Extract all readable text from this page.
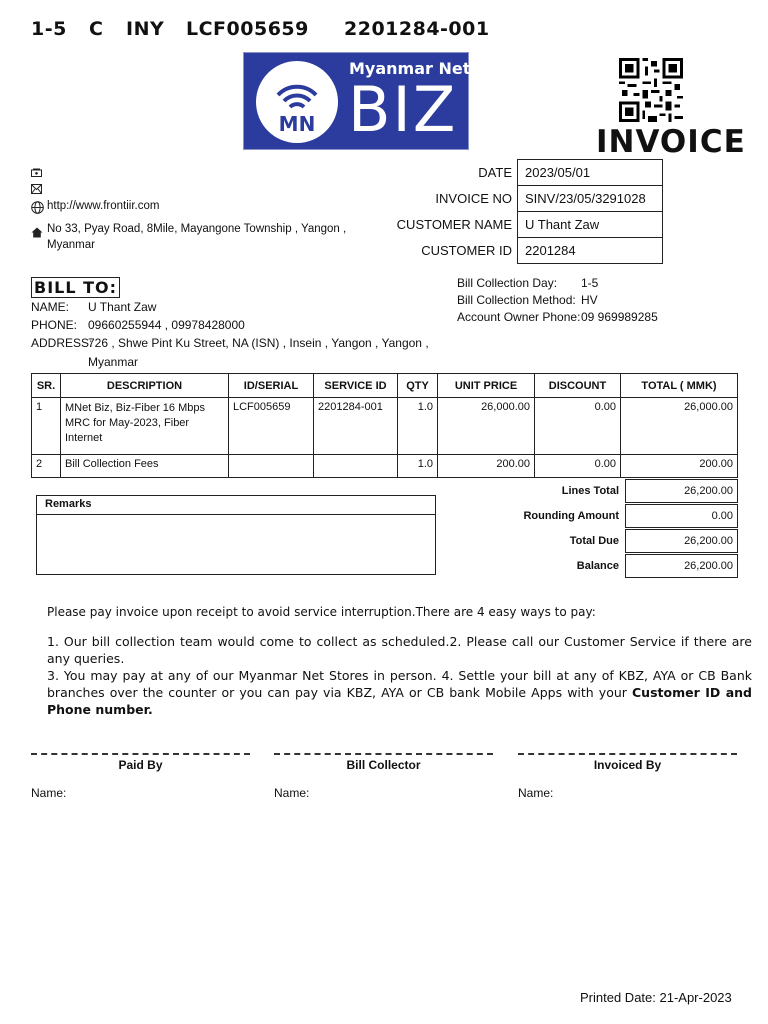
1-5 C INY LCF005659 2201284-001
MN
Myanmar Net
BIZ	INVOICE
http://www.frontiir.com
No 33, Pyay Road, 8Mile, Mayangone Township , Yangon ,
Myanmar
DATE	2023/05/01
INVOICE NO	SINV/23/05/3291028
CUSTOMER NAME	U Thant Zaw
CUSTOMER ID	2201284
BILL TO:
NAME: U Thant Zaw
PHONE: 09660255944 , 09978428000
ADDRESS:
726 , Shwe Pint Ku Street, NA (ISN) , Insein , Yangon , Yangon ,
Myanmar
Bill Collection Day: 1-5
Bill Collection Method: HV
Account Owner Phone: 09 969989285
SR.	DESCRIPTION	ID/SERIAL	SERVICE ID	QTY	UNIT PRICE	DISCOUNT	TOTAL ( MMK)
1	MNet Biz, Biz-Fiber 16 Mbps MRC for May-2023, Fiber Internet	LCF005659	2201284-001	1.0	26,000.00	0.00	26,000.00
2	Bill Collection Fees			1.0	200.00	0.00	200.00
Remarks
Lines Total	26,200.00
Rounding Amount	0.00
Total Due	26,200.00
Balance	26,200.00
Please pay invoice upon receipt to avoid service interruption.There are 4 easy ways to pay:
1. Our bill collection team would come to collect as scheduled.2. Please call our Customer Service if there are any queries.
3. You may pay at any of our Myanmar Net Stores in person. 4. Settle your bill at any of KBZ, AYA or CB Bank branches over the counter or you can pay via KBZ, AYA or CB bank Mobile Apps with your Customer ID and Phone number.
Paid By	Bill Collector	Invoiced By
Name:	Name:	Name:
Printed Date: 21-Apr-2023
